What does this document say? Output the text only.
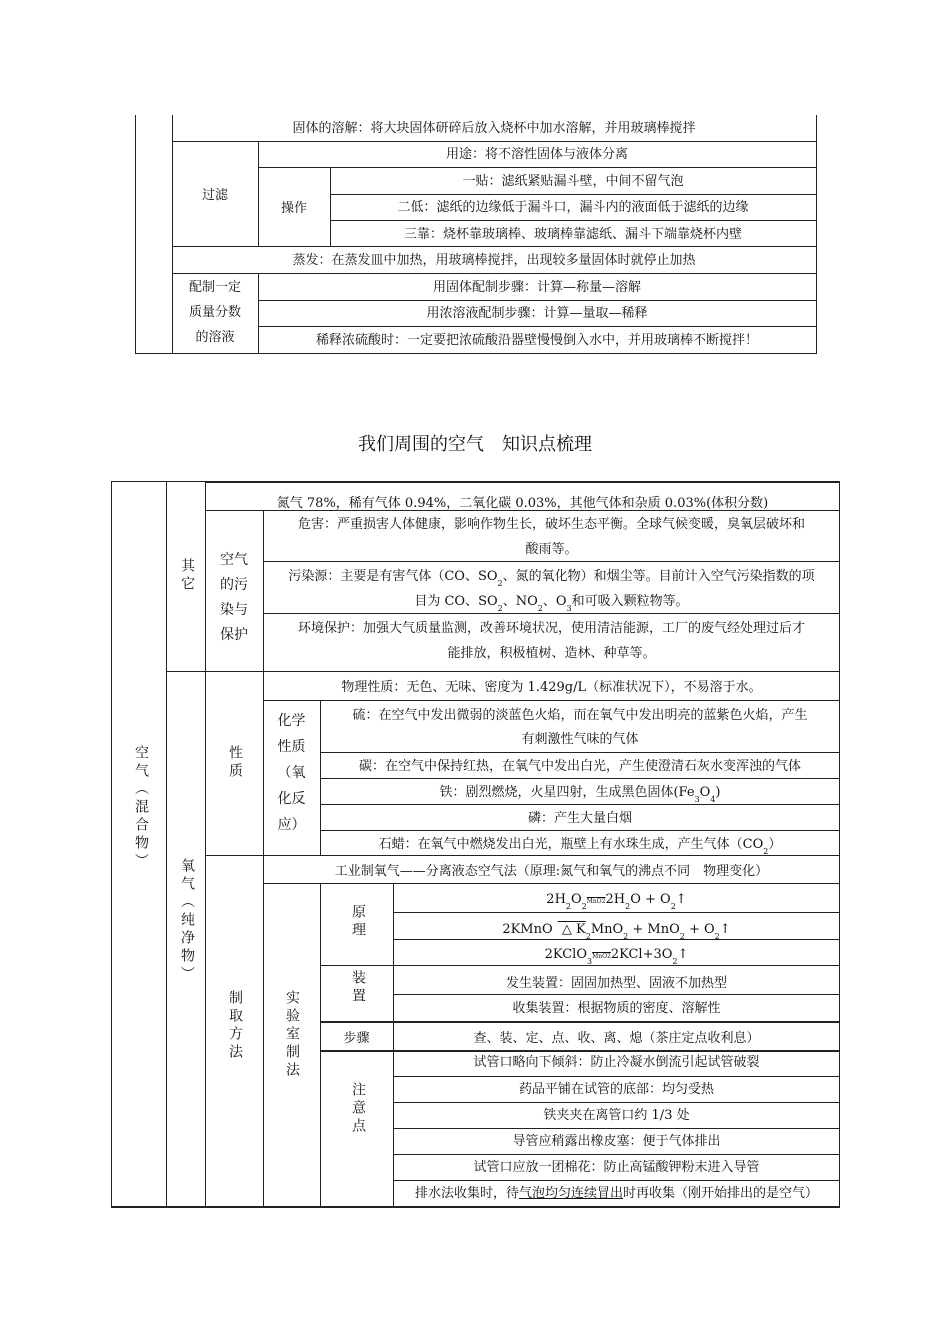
固体的溶解：将大块固体研碎后放入烧杯中加水溶解，并用玻璃棒搅拌
过滤
用途：将不溶性固体与液体分离
操作
一贴：滤纸紧贴漏斗壁，中间不留气泡
二低：滤纸的边缘低于漏斗口，漏斗内的液面低于滤纸的边缘
三靠：烧杯靠玻璃棒、玻璃棒靠滤纸、漏斗下端靠烧杯内壁
蒸发：在蒸发皿中加热，用玻璃棒搅拌，出现较多量固体时就停止加热
配制一定
质量分数
的溶液
用固体配制步骤：计算—称量—溶解
用浓溶液配制步骤：计算—量取—稀释
稀释浓硫酸时：一定要把浓硫酸沿器壁慢慢倒入水中，并用玻璃棒不断搅拌！
我们周围的空气　知识点梳理
空气（混合物）
其它
氧气（纯净物）
氮气 78%，稀有气体 0.94%，二氧化碳 0.03%，其他气体和杂质 0.03%(体积分数)
空气的污染与保护
危害：严重损害人体健康，影响作物生长，破坏生态平衡。全球气候变暖，臭氧层破坏和
酸雨等。
污染源：主要是有害气体（CO、$SO_2$、氮的氧化物）和烟尘等。目前计入空气污染指数的项
目为 CO、$SO_2$、$NO_2$、$O_3$和可吸入颗粒物等。
环境保护：加强大气质量监测，改善环境状况，使用清洁能源，工厂的废气经处理过后才
能排放，积极植树、造林、种草等。
性质
物理性质：无色、无味、密度为 1.429g/L（标准状况下），不易溶于水。
化学性质（氧化反应）
硫：在空气中发出微弱的淡蓝色火焰，而在氧气中发出明亮的蓝紫色火焰，产生
有刺激性气味的气体
碳：在空气中保持红热，在氧气中发出白光，产生使澄清石灰水变浑浊的气体
铁：剧烈燃烧，火星四射，生成黑色固体$(Fe_3O_4)$
磷：产生大量白烟
石蜡：在氧气中燃烧发出白光，瓶壁上有水珠生成，产生气体$(CO_2)$
制取方法
工业制氧气——分离液态空气法（原理:氮气和氧气的沸点不同　物理变化）
实验室制法
原理
$2H_2O_2MnO22H_2O$ + $O_2↑$
2KMnO △ $K_2MnO_2 + MnO_2$ + $O_2↑$
$2KClO_3MnO22KCl+3O_2↑$
装置	发生装置：固固加热型、固液不加热型
收集装置：根据物质的密度、溶解性
步骤	查、装、定、点、收、离、熄（茶庄定点收利息）
注意点
试管口略向下倾斜：防止冷凝水倒流引起试管破裂
药品平铺在试管的底部：均匀受热
铁夹夹在离管口约 1/3 处
导管应稍露出橡皮塞：便于气体排出
试管口应放一团棉花：防止高锰酸钾粉末进入导管
排水法收集时，待气泡均匀连续冒出时再收集（刚开始排出的是空气）
